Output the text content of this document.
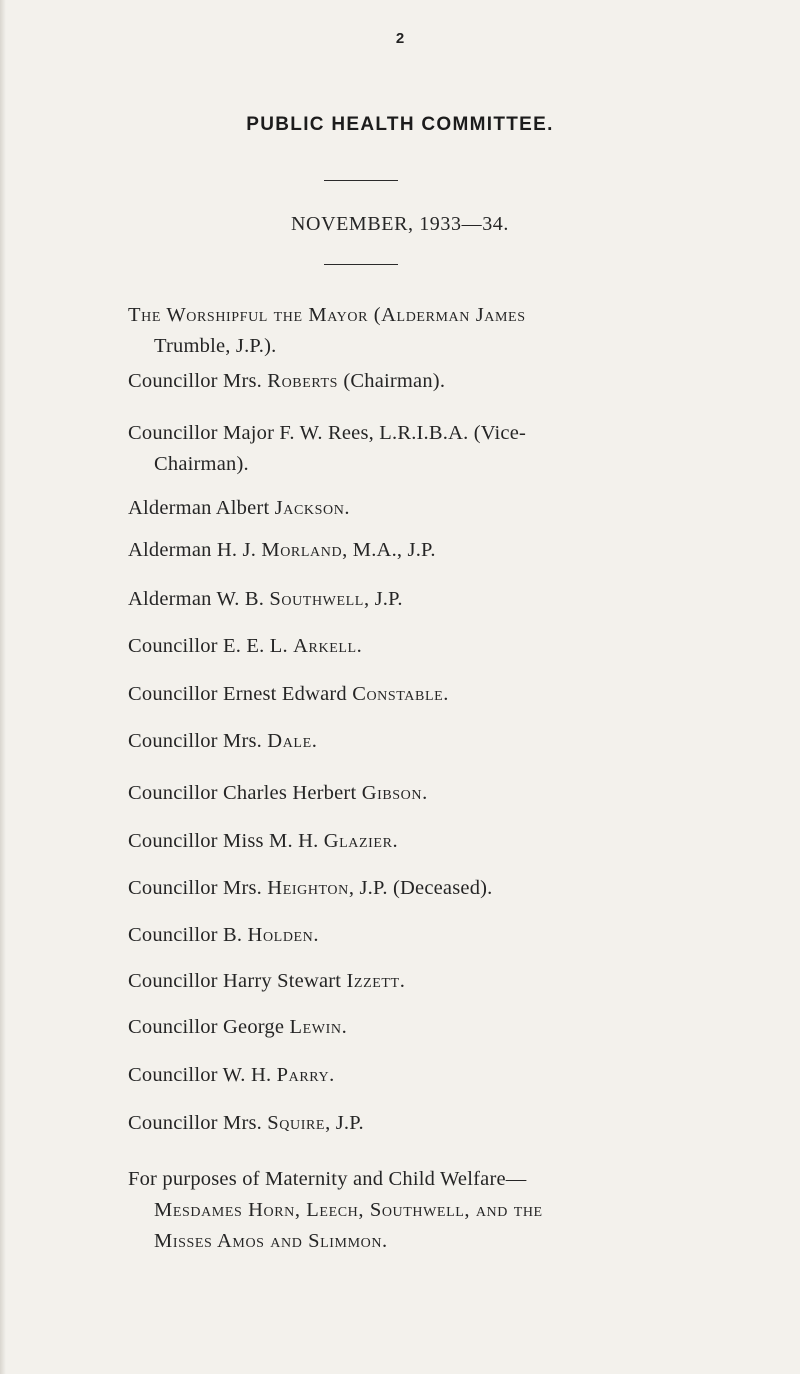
2
PUBLIC HEALTH COMMITTEE.
NOVEMBER, 1933—34.
The Worshipful the Mayor (Alderman James
Trumble, J.P.).
Councillor Mrs. Roberts (Chairman).
Councillor Major F. W. Rees, L.R.I.B.A. (Vice-
Chairman).
Alderman Albert Jackson.
Alderman H. J. Morland, M.A., J.P.
Alderman W. B. Southwell, J.P.
Councillor E. E. L. Arkell.
Councillor Ernest Edward Constable.
Councillor Mrs. Dale.
Councillor Charles Herbert Gibson.
Councillor Miss M. H. Glazier.
Councillor Mrs. Heighton, J.P. (Deceased).
Councillor B. Holden.
Councillor Harry Stewart Izzett.
Councillor George Lewin.
Councillor W. H. Parry.
Councillor Mrs. Squire, J.P.
For purposes of Maternity and Child Welfare—
Mesdames Horn, Leech, Southwell, and the
Misses Amos and Slimmon.
